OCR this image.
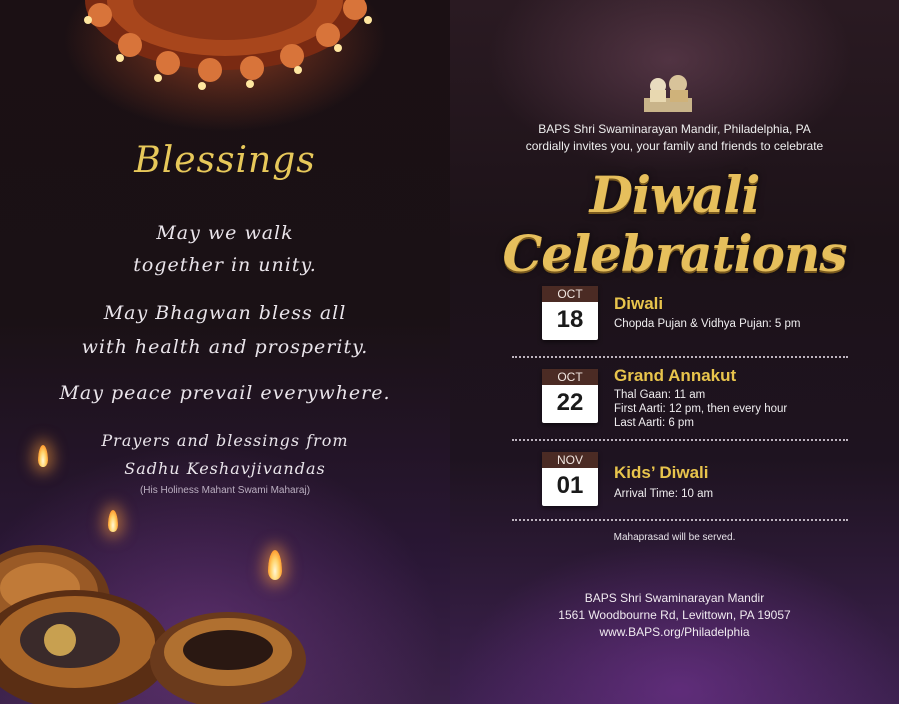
Blessings
May we walk
together in unity.
May Bhagwan bless all
with health and prosperity.
May peace prevail everywhere.
Prayers and blessings from
Sadhu Keshavjivandas
(His Holiness Mahant Swami Maharaj)
BAPS Shri Swaminarayan Mandir, Philadelphia, PA
cordially invites you, your family and friends to celebrate
Diwali Celebrations
OCT
18
Diwali
Chopda Pujan & Vidhya Pujan: 5 pm
OCT
22
Grand Annakut
Thal Gaan: 11 am
First Aarti: 12 pm, then every hour
Last Aarti: 6 pm
NOV
01	Kids’ Diwali
Arrival Time: 10 am
Mahaprasad will be served.
BAPS Shri Swaminarayan Mandir
1561 Woodbourne Rd, Levittown, PA 19057
www.BAPS.org/Philadelphia
